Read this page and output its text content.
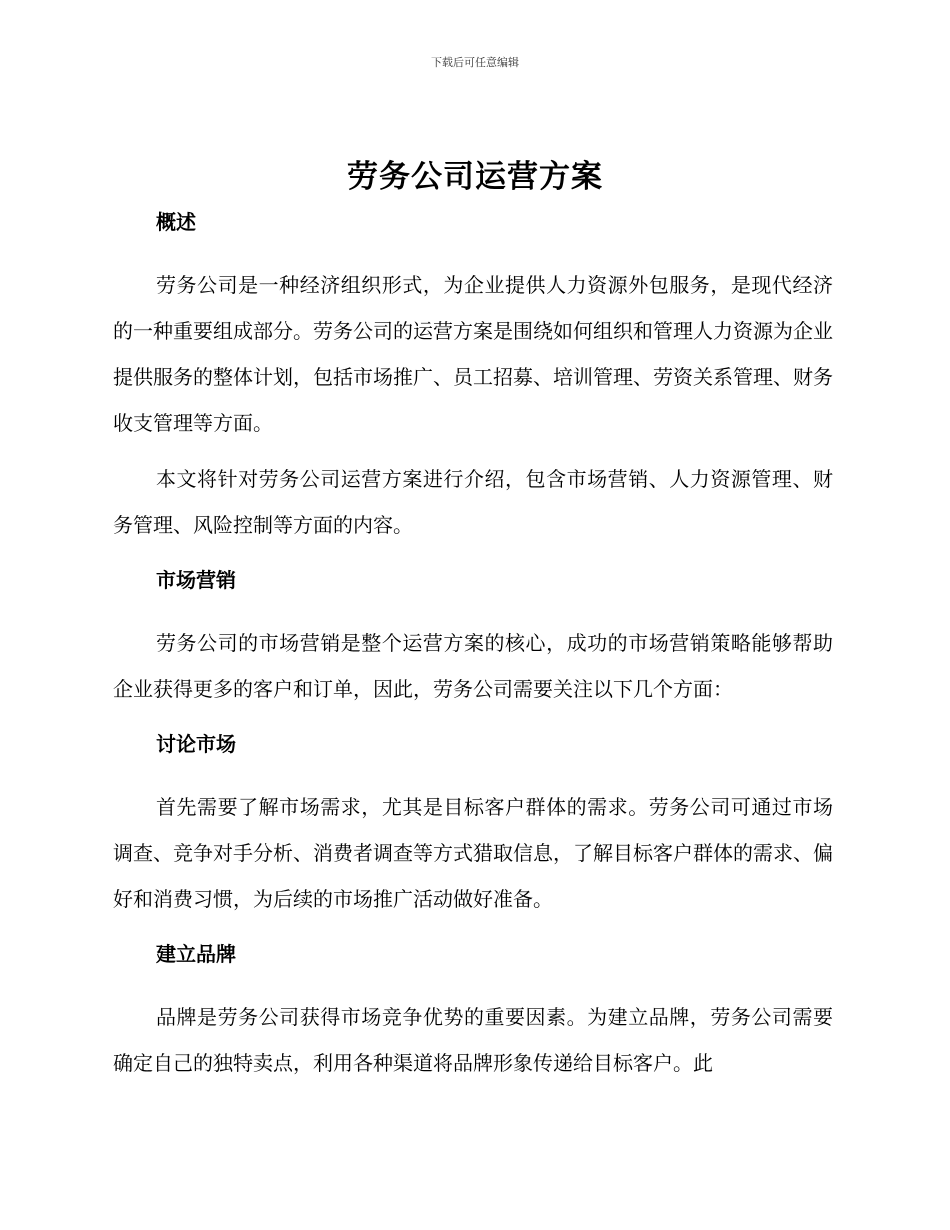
下载后可任意编辑
劳务公司运营方案
概述

劳务公司是一种经济组织形式，为企业提供人力资源外包服务，是现代经济的一种重要组成部分。劳务公司的运营方案是围绕如何组织和管理人力资源为企业提供服务的整体计划，包括市场推广、员工招募、培训管理、劳资关系管理、财务收支管理等方面。

本文将针对劳务公司运营方案进行介绍，包含市场营销、人力资源管理、财务管理、风险控制等方面的内容。

市场营销

劳务公司的市场营销是整个运营方案的核心，成功的市场营销策略能够帮助企业获得更多的客户和订单，因此，劳务公司需要关注以下几个方面：

讨论市场

首先需要了解市场需求，尤其是目标客户群体的需求。劳务公司可通过市场调查、竞争对手分析、消费者调查等方式猎取信息，了解目标客户群体的需求、偏好和消费习惯，为后续的市场推广活动做好准备。

建立品牌

品牌是劳务公司获得市场竞争优势的重要因素。为建立品牌，劳务公司需要确定自己的独特卖点，利用各种渠道将品牌形象传递给目标客户。此
